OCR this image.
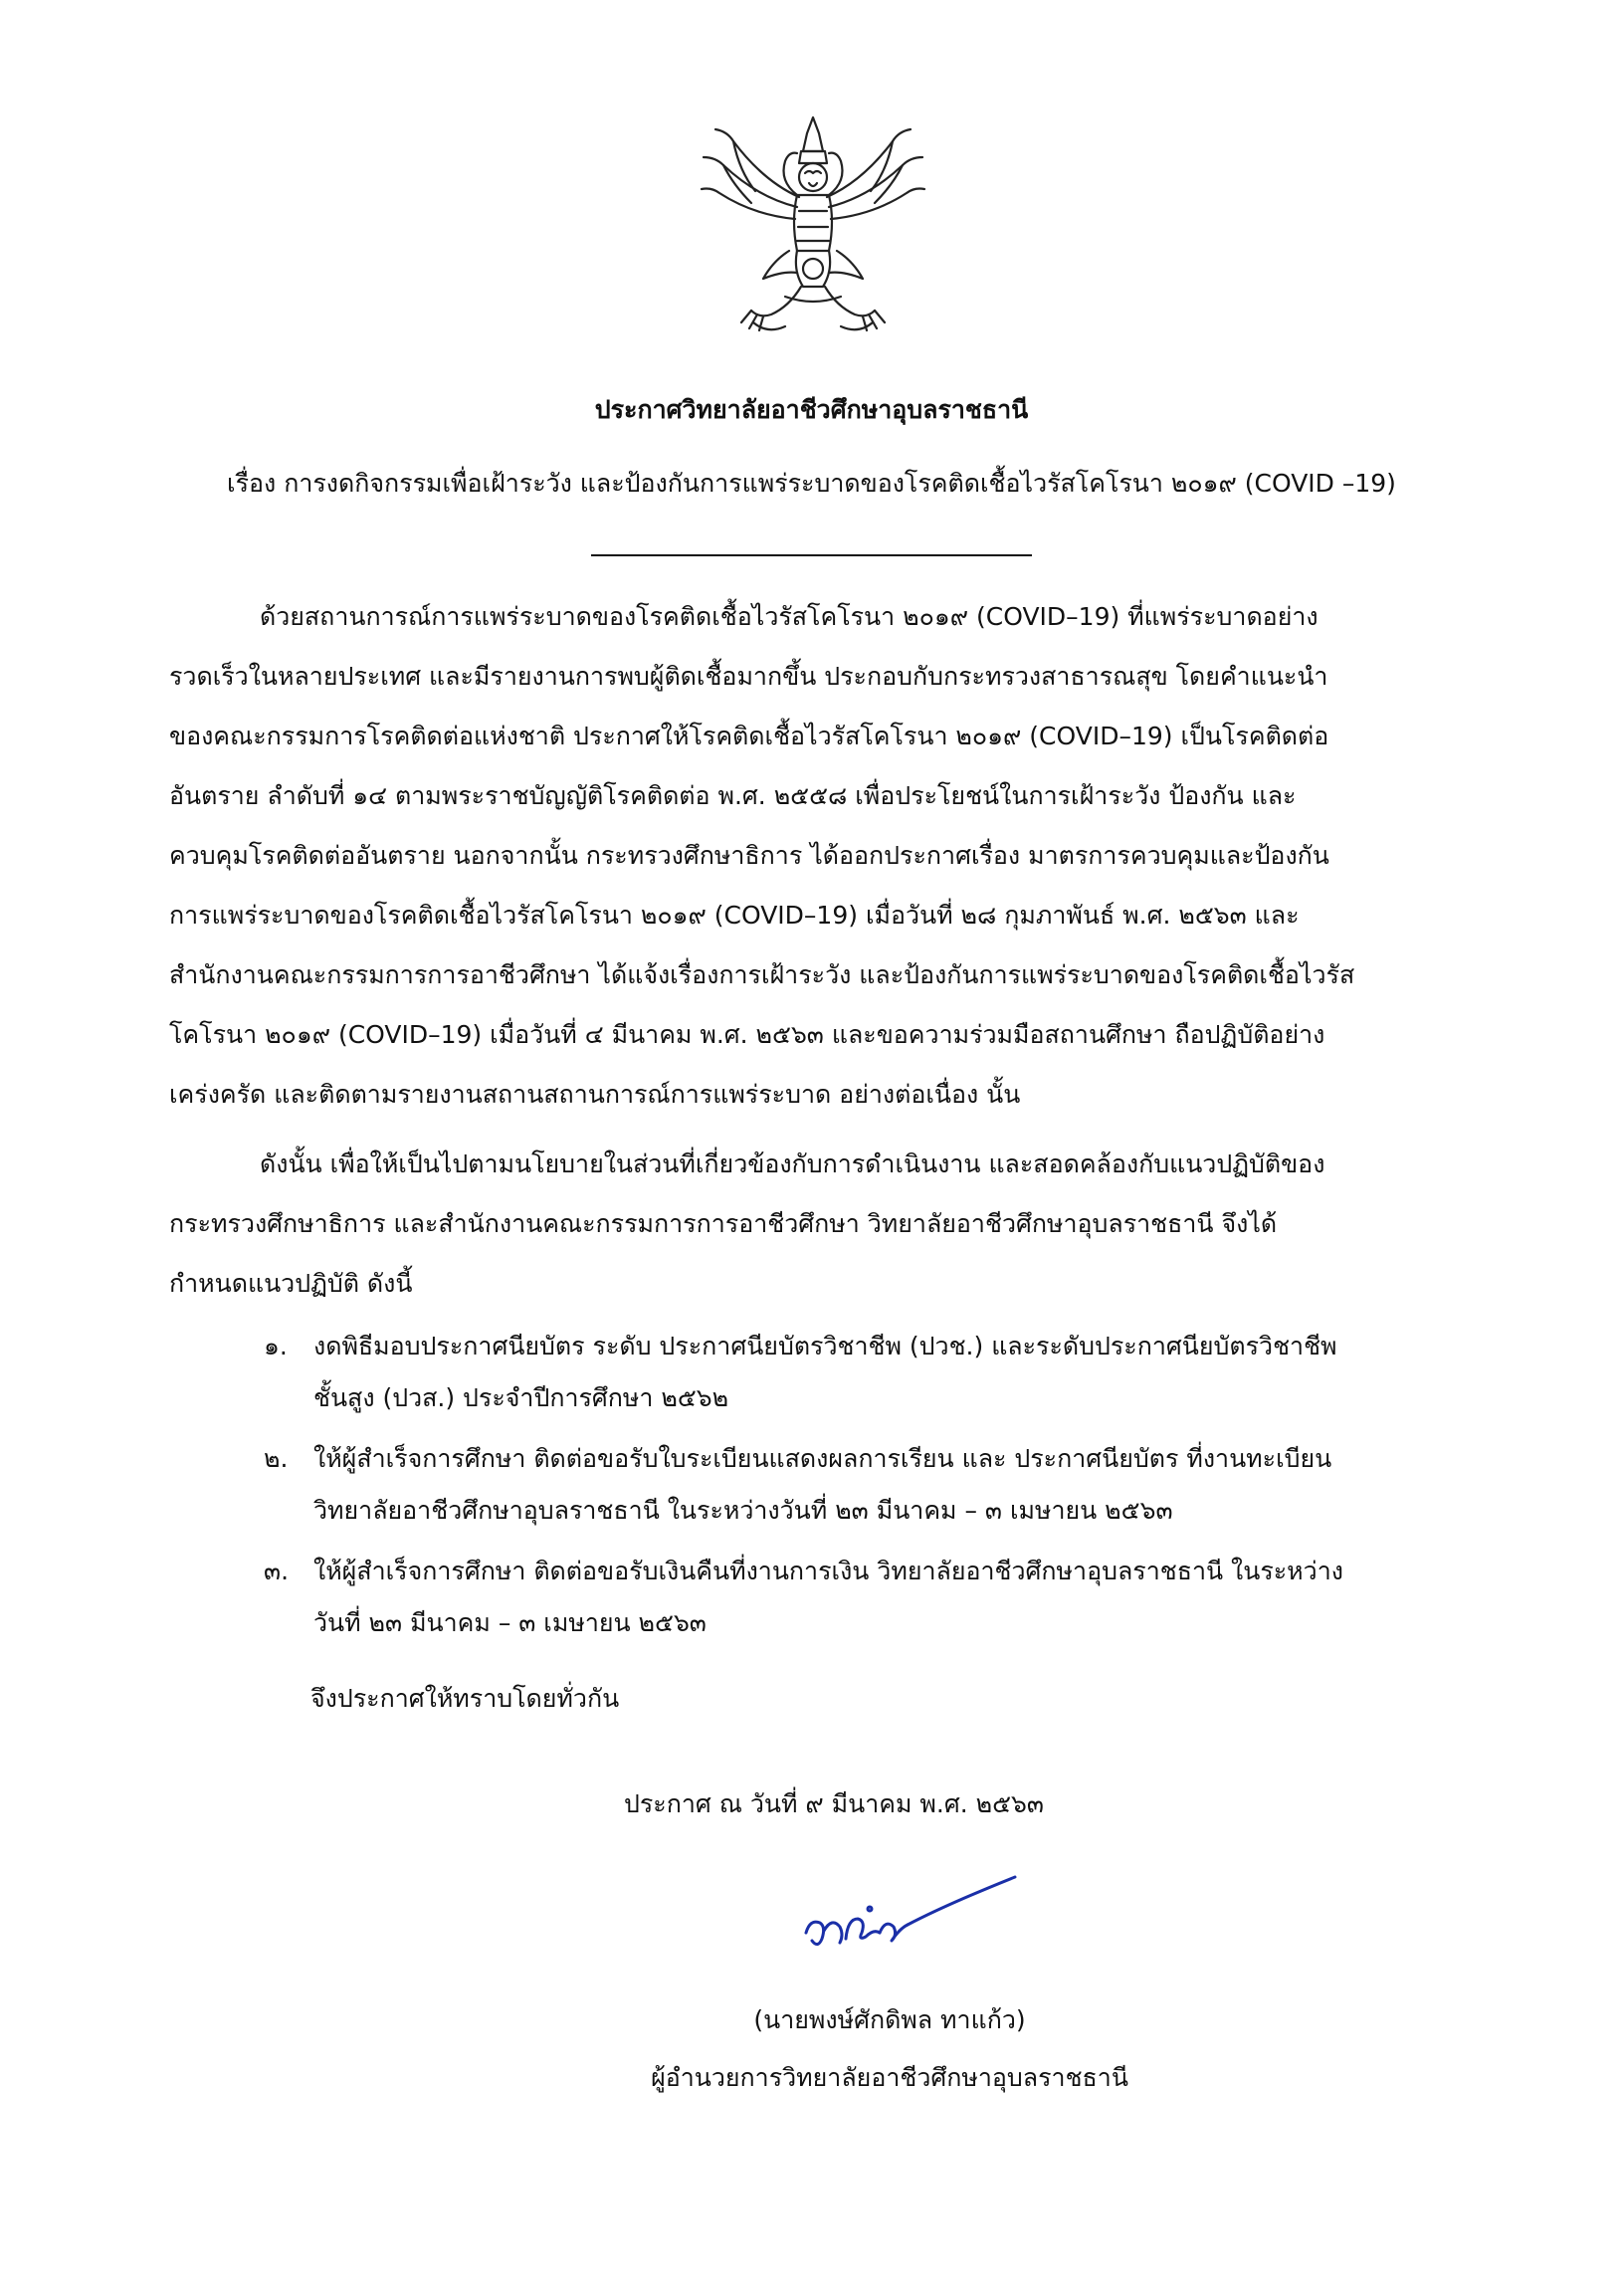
ประกาศวิทยาลัยอาชีวศึกษาอุบลราชธานี
เรื่อง การงดกิจกรรมเพื่อเฝ้าระวัง และป้องกันการแพร่ระบาดของโรคติดเชื้อไวรัสโคโรนา ๒๐๑๙ (COVID –19)
ด้วยสถานการณ์การแพร่ระบาดของโรคติดเชื้อไวรัสโคโรนา ๒๐๑๙ (COVID–19) ที่แพร่ระบาดอย่าง
รวดเร็วในหลายประเทศ และมีรายงานการพบผู้ติดเชื้อมากขึ้น ประกอบกับกระทรวงสาธารณสุข โดยคำแนะนำ
ของคณะกรรมการโรคติดต่อแห่งชาติ ประกาศให้โรคติดเชื้อไวรัสโคโรนา ๒๐๑๙ (COVID–19) เป็นโรคติดต่อ
อันตราย ลำดับที่ ๑๔ ตามพระราชบัญญัติโรคติดต่อ พ.ศ. ๒๕๕๘ เพื่อประโยชน์ในการเฝ้าระวัง ป้องกัน และ
ควบคุมโรคติดต่ออันตราย นอกจากนั้น กระทรวงศึกษาธิการ ได้ออกประกาศเรื่อง มาตรการควบคุมและป้องกัน
การแพร่ระบาดของโรคติดเชื้อไวรัสโคโรนา ๒๐๑๙ (COVID–19) เมื่อวันที่ ๒๘ กุมภาพันธ์ พ.ศ. ๒๕๖๓ และ
สำนักงานคณะกรรมการการอาชีวศึกษา ได้แจ้งเรื่องการเฝ้าระวัง และป้องกันการแพร่ระบาดของโรคติดเชื้อไวรัส
โคโรนา ๒๐๑๙ (COVID–19) เมื่อวันที่ ๔ มีนาคม พ.ศ. ๒๕๖๓ และขอความร่วมมือสถานศึกษา ถือปฏิบัติอย่าง
เคร่งครัด และติดตามรายงานสถานสถานการณ์การแพร่ระบาด อย่างต่อเนื่อง นั้น
ดังนั้น เพื่อให้เป็นไปตามนโยบายในส่วนที่เกี่ยวข้องกับการดำเนินงาน และสอดคล้องกับแนวปฏิบัติของ
กระทรวงศึกษาธิการ และสำนักงานคณะกรรมการการอาชีวศึกษา วิทยาลัยอาชีวศึกษาอุบลราชธานี จึงได้
กำหนดแนวปฏิบัติ ดังนี้
๑.	งดพิธีมอบประกาศนียบัตร ระดับ ประกาศนียบัตรวิชาชีพ (ปวช.) และระดับประกาศนียบัตรวิชาชีพ
ชั้นสูง (ปวส.) ประจำปีการศึกษา ๒๕๖๒
๒.	ให้ผู้สำเร็จการศึกษา ติดต่อขอรับใบระเบียนแสดงผลการเรียน และ ประกาศนียบัตร ที่งานทะเบียน
วิทยาลัยอาชีวศึกษาอุบลราชธานี ในระหว่างวันที่ ๒๓ มีนาคม – ๓ เมษายน ๒๕๖๓
๓. ให้ผู้สำเร็จการศึกษา ติดต่อขอรับเงินคืนที่งานการเงิน วิทยาลัยอาชีวศึกษาอุบลราชธานี ในระหว่าง
วันที่ ๒๓ มีนาคม – ๓ เมษายน ๒๕๖๓
จึงประกาศให้ทราบโดยทั่วกัน
ประกาศ ณ วันที่ ๙ มีนาคม พ.ศ. ๒๕๖๓
(นายพงษ์ศักดิพล ทาแก้ว)
ผู้อำนวยการวิทยาลัยอาชีวศึกษาอุบลราชธานี
